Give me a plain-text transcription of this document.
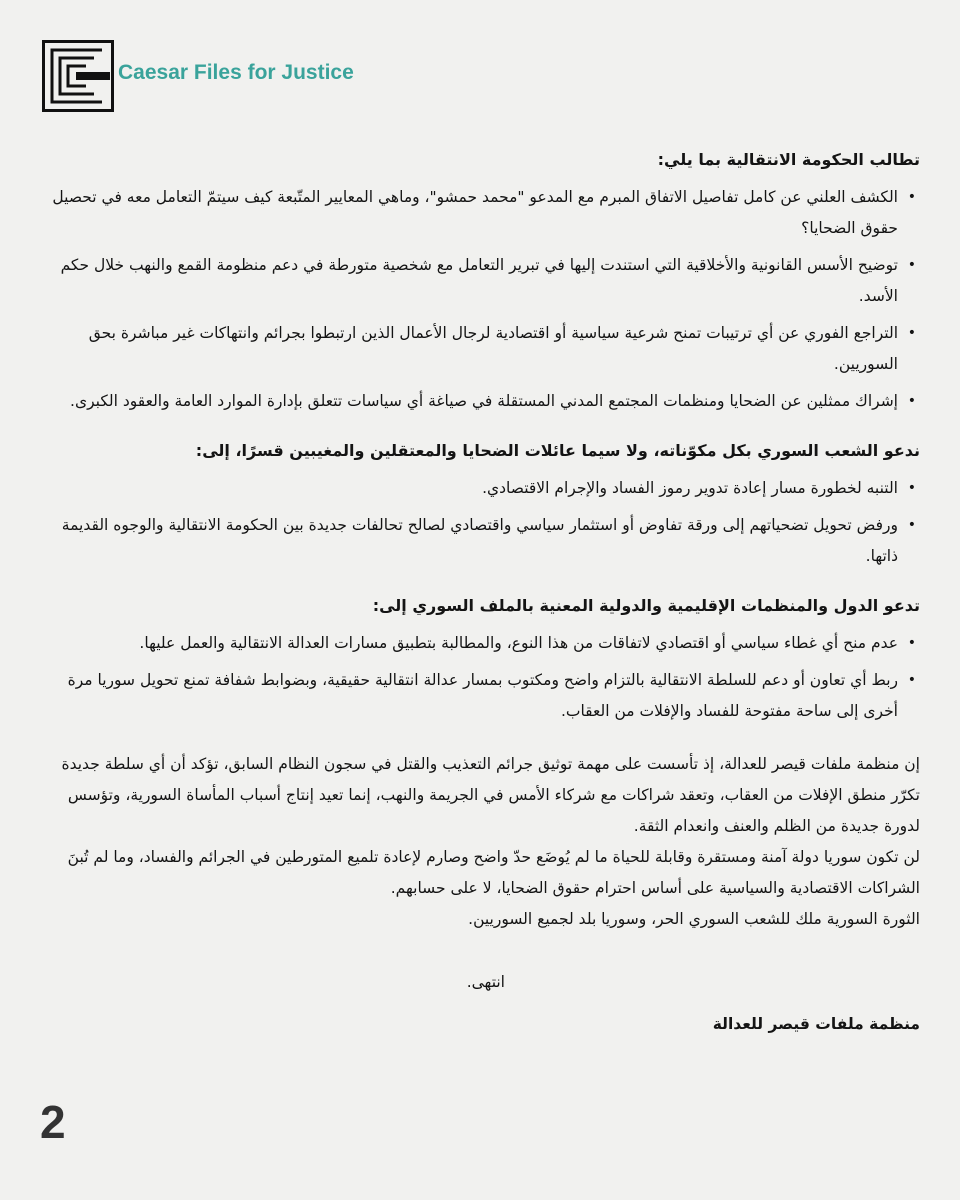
Caesar Files for Justice
تطالب الحكومة الانتقالية بما يلي:
• الكشف العلني عن كامل تفاصيل الاتفاق المبرم مع المدعو "محمد حمشو"، وماهي المعايير المتّبعة كيف سيتمّ التعامل معه في تحصيل حقوق الضحايا؟
• توضيح الأسس القانونية والأخلاقية التي استندت إليها في تبرير التعامل مع شخصية متورطة في دعم منظومة القمع والنهب خلال حكم الأسد.
• التراجع الفوري عن أي ترتيبات تمنح شرعية سياسية أو اقتصادية لرجال الأعمال الذين ارتبطوا بجرائم وانتهاكات غير مباشرة بحق السوريين.
• إشراك ممثلين عن الضحايا ومنظمات المجتمع المدني المستقلة في صياغة أي سياسات تتعلق بإدارة الموارد العامة والعقود الكبرى.
ندعو الشعب السوري بكل مكوّناته، ولا سيما عائلات الضحايا والمعتقلين والمغيبين قسرًا، إلى:
• التنبه لخطورة مسار إعادة تدوير رموز الفساد والإجرام الاقتصادي.
• ورفض تحويل تضحياتهم إلى ورقة تفاوض أو استثمار سياسي واقتصادي لصالح تحالفات جديدة بين الحكومة الانتقالية والوجوه القديمة ذاتها.
تدعو الدول والمنظمات الإقليمية والدولية المعنية بالملف السوري إلى:
• عدم منح أي غطاء سياسي أو اقتصادي لاتفاقات من هذا النوع، والمطالبة بتطبيق مسارات العدالة الانتقالية والعمل عليها.
• ربط أي تعاون أو دعم للسلطة الانتقالية بالتزام واضح ومكتوب بمسار عدالة انتقالية حقيقية، وبضوابط شفافة تمنع تحويل سوريا مرة أخرى إلى ساحة مفتوحة للفساد والإفلات من العقاب.

إن منظمة ملفات قيصر للعدالة، إذ تأسست على مهمة توثيق جرائم التعذيب والقتل في سجون النظام السابق، تؤكد أن أي سلطة جديدة تكرّر منطق الإفلات من العقاب، وتعقد شراكات مع شركاء الأمس في الجريمة والنهب، إنما تعيد إنتاج أسباب المأساة السورية، وتؤسس لدورة جديدة من الظلم والعنف وانعدام الثقة.

لن تكون سوريا دولة آمنة ومستقرة وقابلة للحياة ما لم يُوضَع حدّ واضح وصارم لإعادة تلميع المتورطين في الجرائم والفساد، وما لم تُبنَ الشراكات الاقتصادية والسياسية على أساس احترام حقوق الضحايا، لا على حسابهم.

الثورة السورية ملك للشعب السوري الحر، وسوريا بلد لجميع السوريين.

انتهى.

منظمة ملفات قيصر للعدالة

2
